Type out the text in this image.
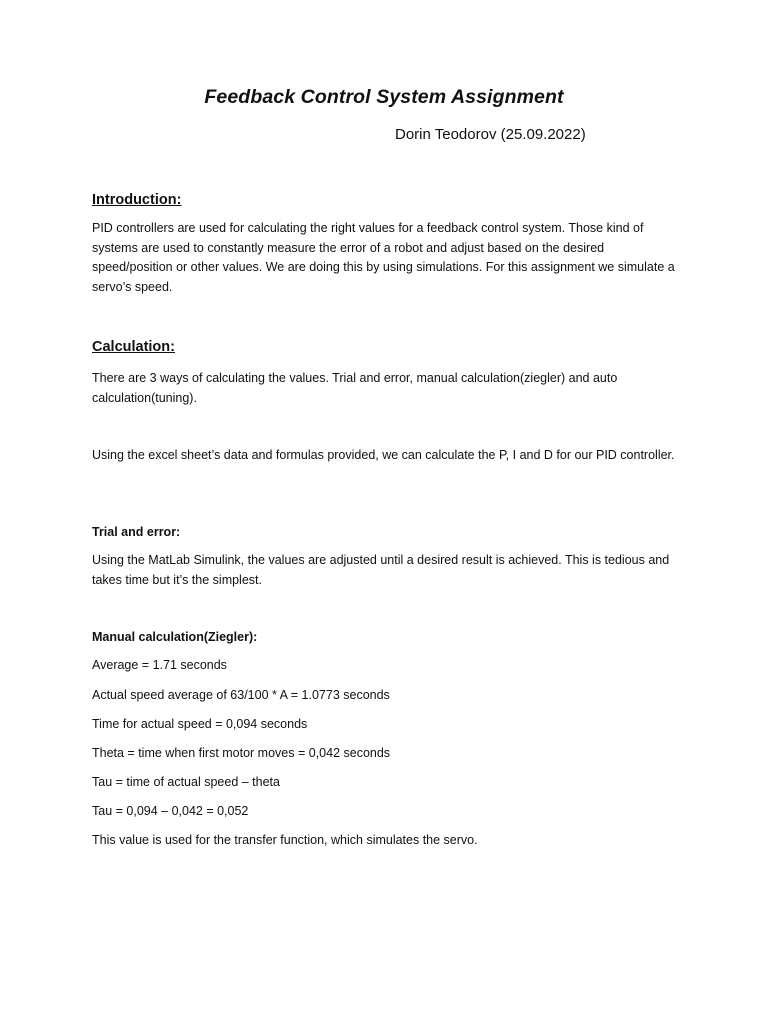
Feedback Control System Assignment
Dorin Teodorov (25.09.2022)
Introduction:

PID controllers are used for calculating the right values for a feedback control system. Those kind of systems are used to constantly measure the error of a robot and adjust based on the desired speed/position or other values. We are doing this by using simulations. For this assignment we simulate a servo’s speed.

Calculation:

There are 3 ways of calculating the values. Trial and error, manual calculation(ziegler) and auto calculation(tuning).

Using the excel sheet’s data and formulas provided, we can calculate the P, I and D for our PID controller.

Trial and error:

Using the MatLab Simulink, the values are adjusted until a desired result is achieved. This is tedious and takes time but it’s the simplest.

Manual calculation(Ziegler):

Average = 1.71 seconds

Actual speed average of 63/100 * A = 1.0773 seconds

Time for actual speed = 0,094 seconds

Theta = time when first motor moves = 0,042 seconds

Tau = time of actual speed – theta

Tau = 0,094 – 0,042 = 0,052

This value is used for the transfer function, which simulates the servo.
